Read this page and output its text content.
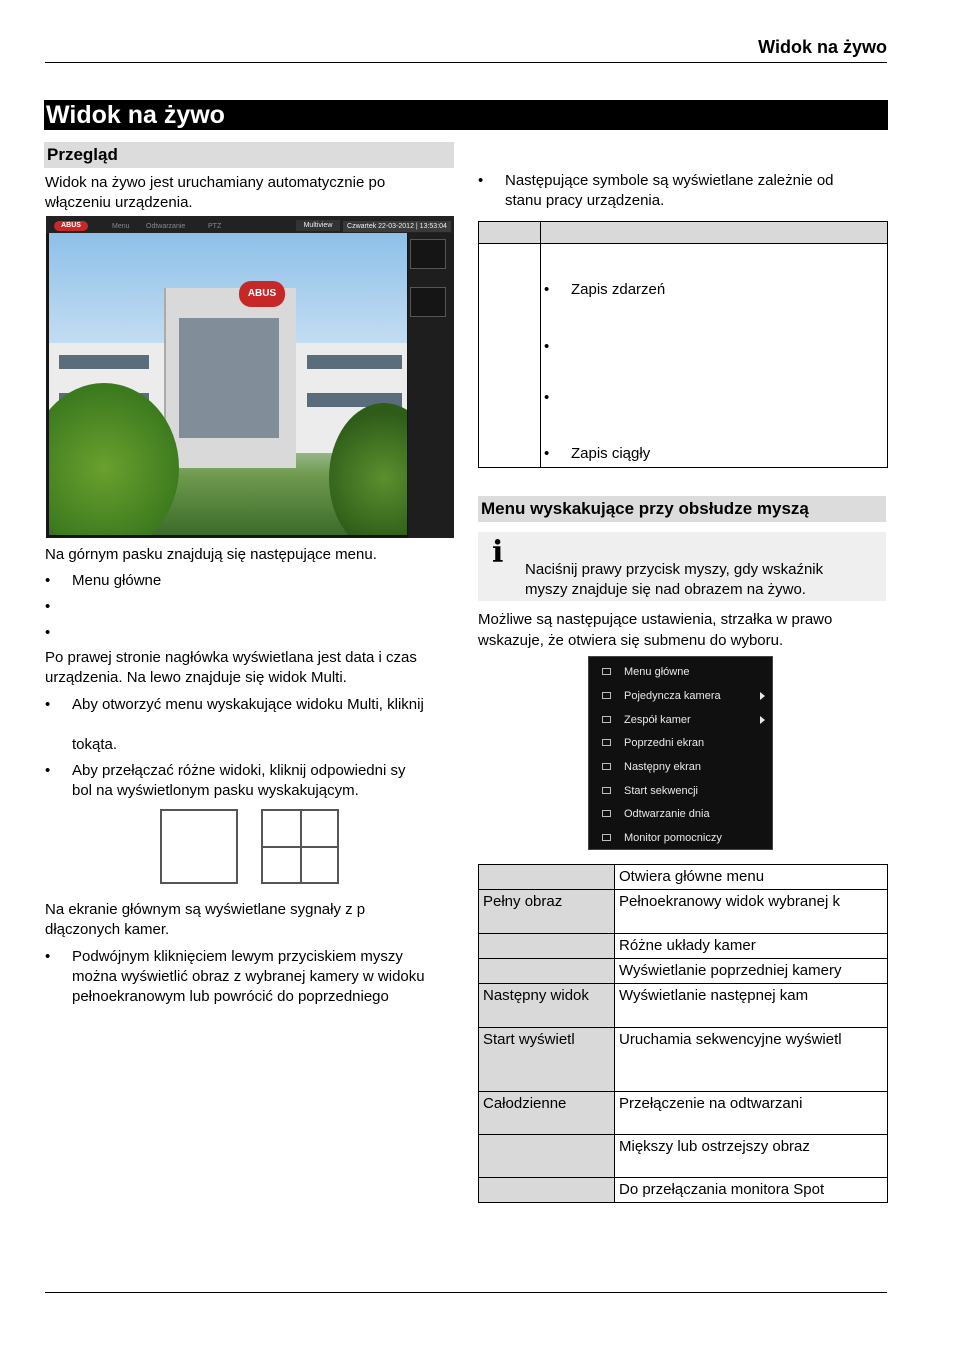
Widok na żywo
Widok na żywo
Przegląd
Widok na żywo jest uruchamiany automatycznie po
włączeniu urządzenia.
ABUS	Menu Odtwarzanie	PTZ	Multiview	Czwartek 22-03-2012 | 13:53:04
ABUS
Na górnym pasku znajdują się następujące menu.
• Menu główne
•
•
Po prawej stronie nagłówka wyświetlana jest data i czas
urządzenia. Na lewo znajduje się widok Multi.
• Aby otworzyć menu wyskakujące widoku Multi, kliknij
tokąta.
• Aby przełączać różne widoki, kliknij odpowiedni sy
bol na wyświetlonym pasku wyskakującym.
Na ekranie głównym są wyświetlane sygnały z p
dłączonych kamer.
• Podwójnym kliknięciem lewym przyciskiem myszy
można wyświetlić obraz z wybranej kamery w widoku
pełnoekranowym lub powrócić do poprzedniego
• Następujące symbole są wyświetlane zależnie od
stanu pracy urządzenia.
• Zapis zdarzeń
•
•
• Zapis ciągły
Menu wyskakujące przy obsłudze myszą
i Naciśnij prawy przycisk myszy, gdy wskaźnik
myszy znajduje się nad obrazem na żywo.
Możliwe są następujące ustawienia, strzałka w prawo
wskazuje, że otwiera się submenu do wyboru.
Menu główne
Pojedyncza kamera
Zespół kamer
Poprzedni ekran
Następny ekran
Start sekwencji
Odtwarzanie dnia
Monitor pomocniczy
	Otwiera główne menu
Pełny obraz	Pełnoekranowy widok wybranej k
	Różne układy kamer
	Wyświetlanie poprzedniej kamery
Następny widok	Wyświetlanie następnej kam
Start wyświetl	Uruchamia sekwencyjne wyświetl
Całodzienne	Przełączenie na odtwarzani
	Miększy lub ostrzejszy obraz
	Do przełączania monitora Spot
